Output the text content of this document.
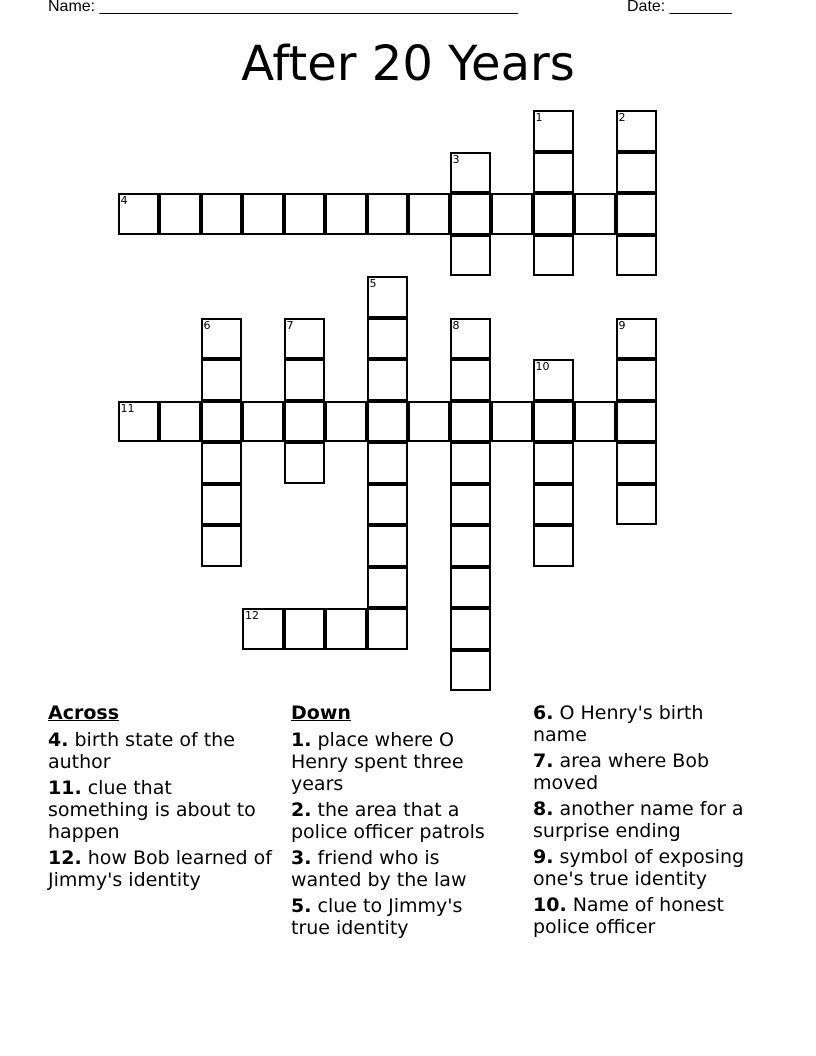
Name: _______________________________________________	Date: _______
After 20 Years
1	2
3
4
5
6	7	8	9
10
11
12
Across
4. birth state of the author
11. clue that something is about to happen
12. how Bob learned of Jimmy's identity
Down
1. place where O Henry spent three years
2. the area that a police officer patrols
3. friend who is wanted by the law
5. clue to Jimmy's true identity
6. O Henry's birth name
7. area where Bob moved
8. another name for a surprise ending
9. symbol of exposing one's true identity
10. Name of honest police officer
